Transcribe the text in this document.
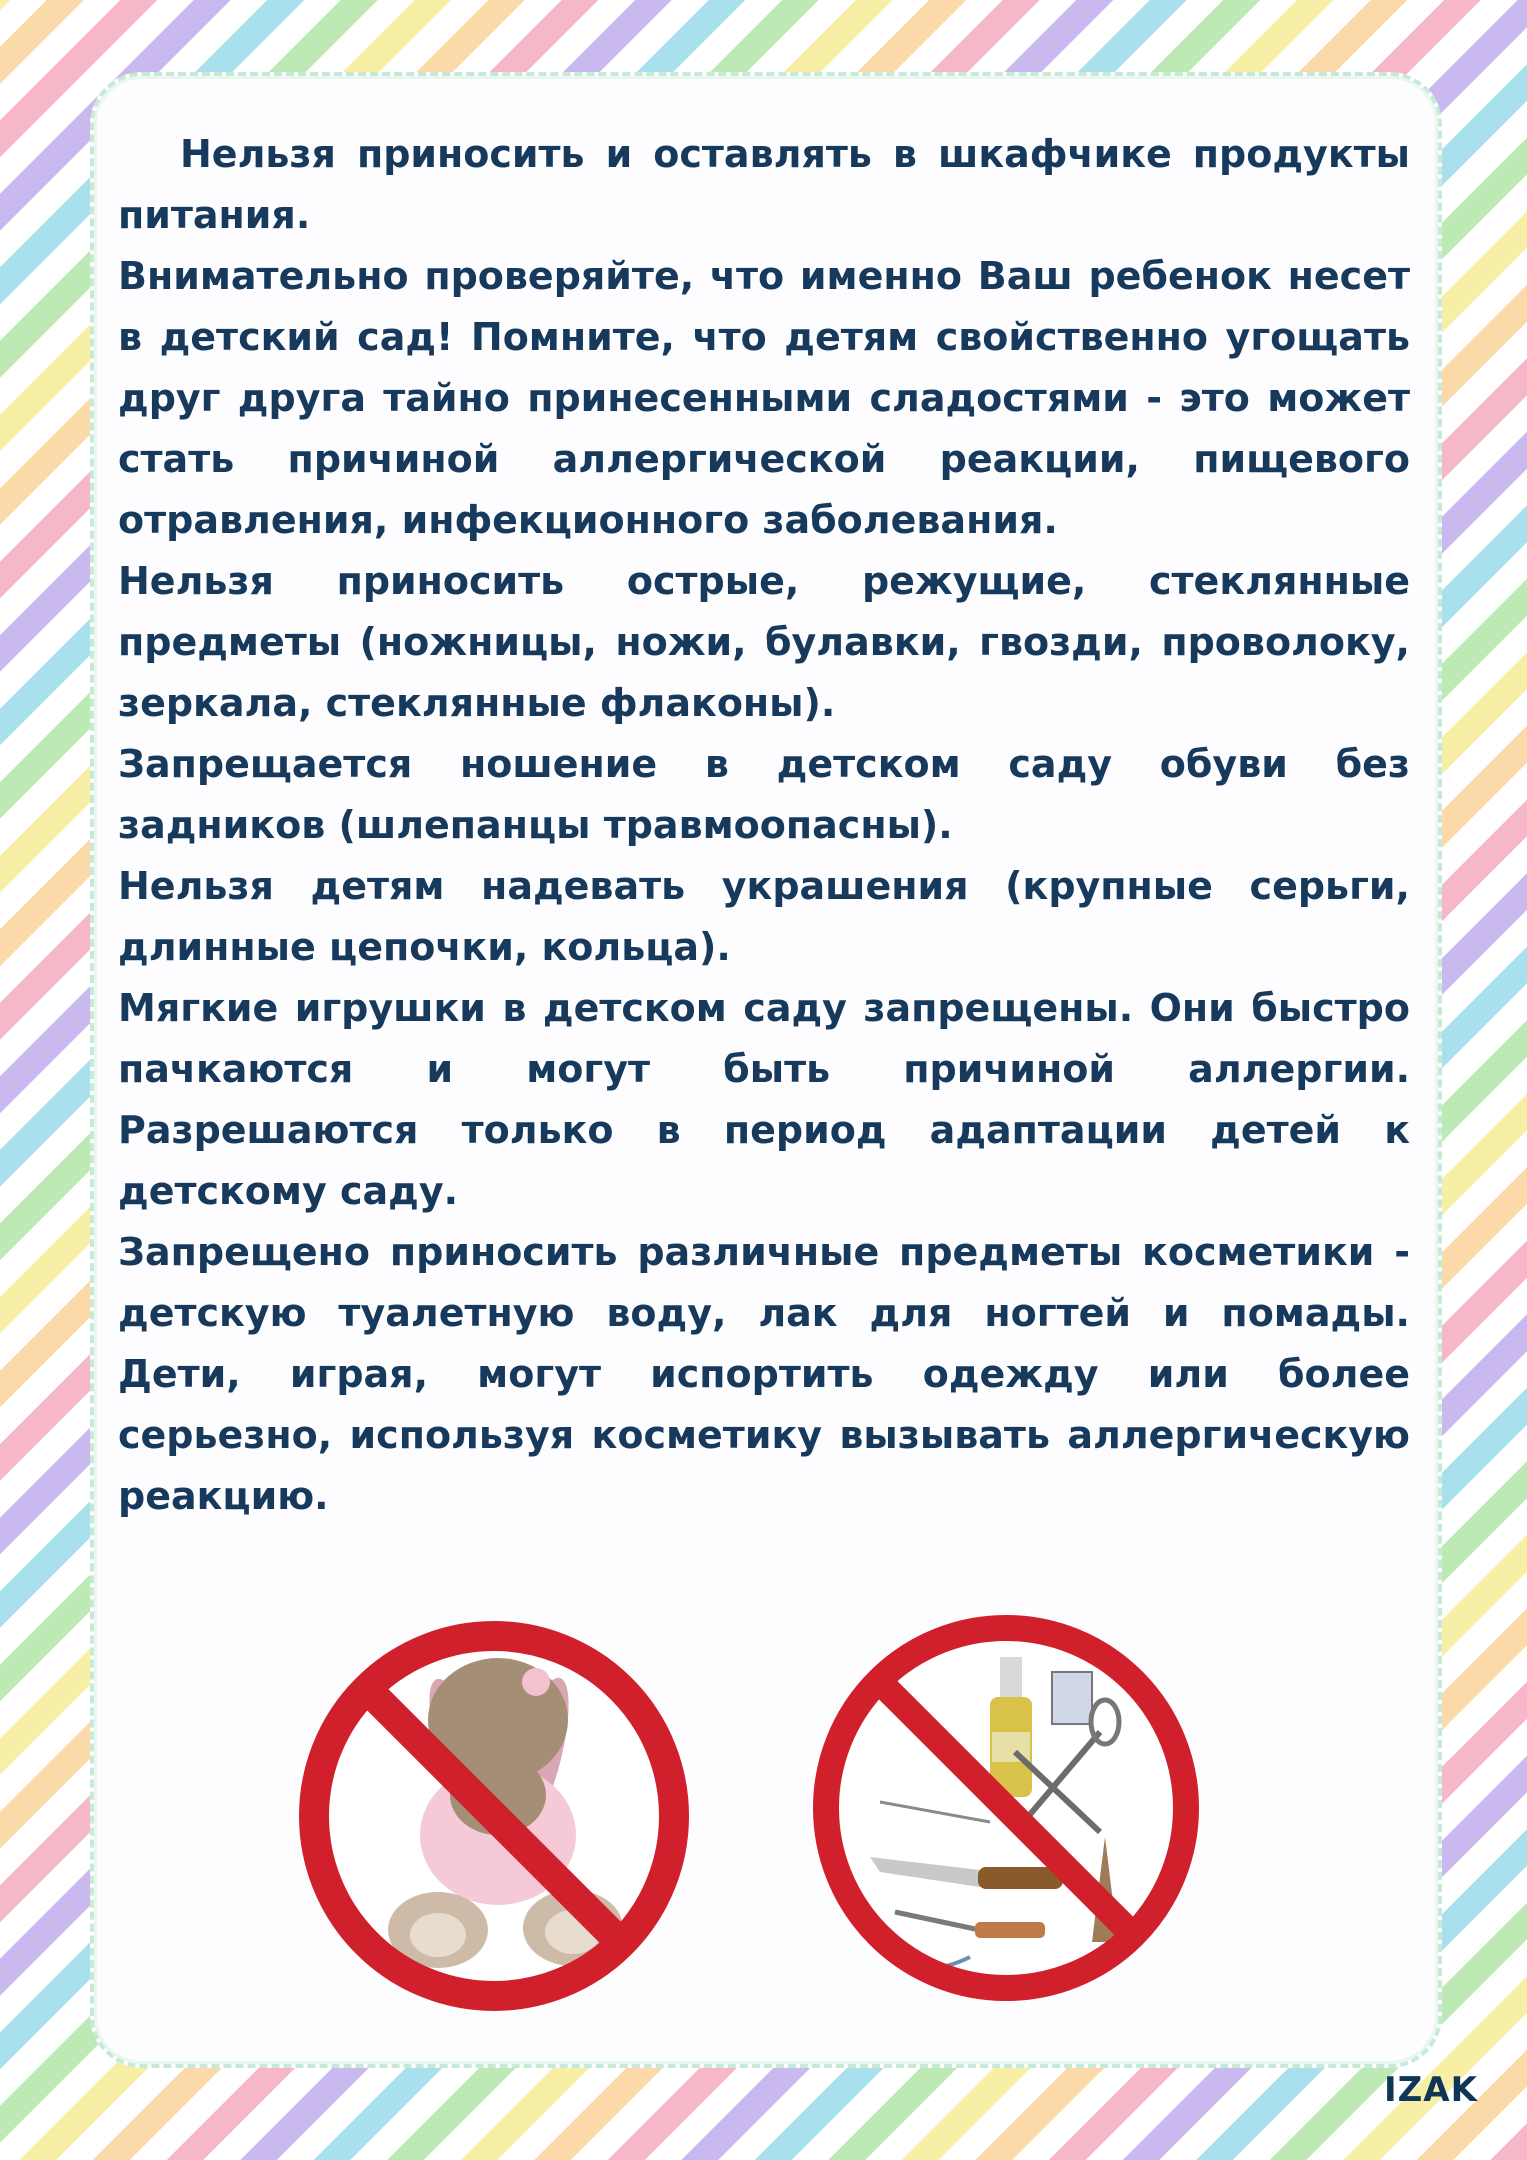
Нельзя приносить и оставлять в шкафчике продукты питания.

Внимательно проверяйте, что именно Ваш ребенок несет в детский сад! Помните, что детям свойственно угощать друг друга тайно принесенными сладостями - это может стать причиной аллергической реакции, пищевого отравления, инфекционного заболевания.

Нельзя приносить острые, режущие, стеклянные предметы (ножницы, ножи, булавки, гвозди, проволоку, зеркала, стеклянные флаконы).

Запрещается ношение в детском саду обуви без задников (шлепанцы травмоопасны).

Нельзя детям надевать украшения (крупные серьги, длинные цепочки, кольца).

Мягкие игрушки в детском саду запрещены. Они быстро пачкаются и могут быть причиной аллергии. Разрешаются только в период адаптации детей к детскому саду.

Запрещено приносить различные предметы косметики - детскую туалетную воду, лак для ногтей и помады. Дети, играя, могут испортить одежду или более серьезно, используя косметику вызывать аллергическую реакцию.

IZAK
